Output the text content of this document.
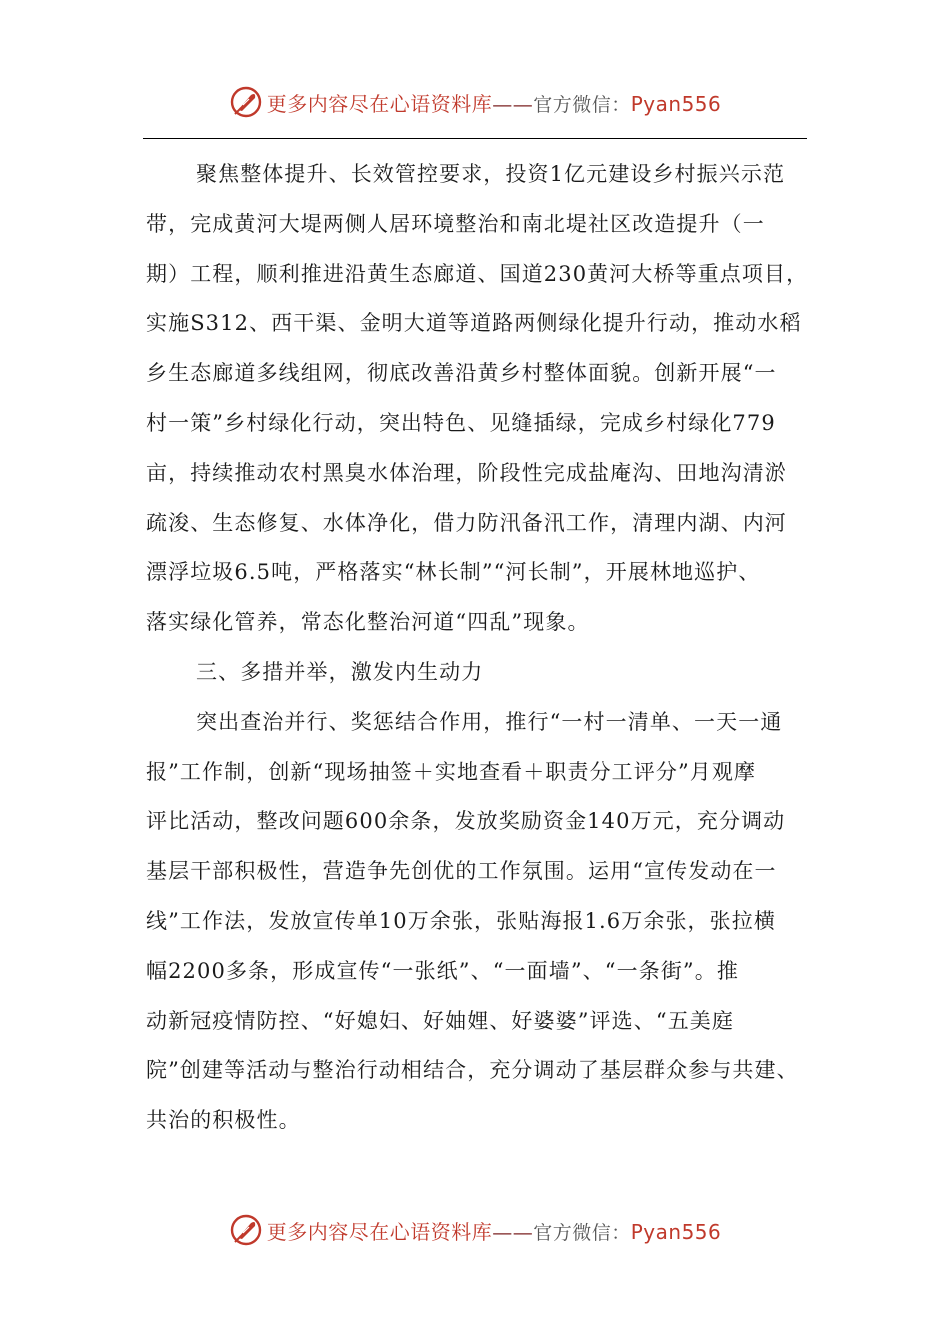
更多内容尽在心语资料库——官方微信：Pyan556
聚焦整体提升、长效管控要求，投资1亿元建设乡村振兴示范
带，完成黄河大堤两侧人居环境整治和南北堤社区改造提升（一
期）工程，顺利推进沿黄生态廊道、国道230黄河大桥等重点项目，
实施S312、西干渠、金明大道等道路两侧绿化提升行动，推动水稻
乡生态廊道多线组网，彻底改善沿黄乡村整体面貌。创新开展“一
村一策”乡村绿化行动，突出特色、见缝插绿，完成乡村绿化779
亩，持续推动农村黑臭水体治理，阶段性完成盐庵沟、田地沟清淤
疏浚、生态修复、水体净化，借力防汛备汛工作，清理内湖、内河
漂浮垃圾6.5吨，严格落实“林长制”“河长制”，开展林地巡护、
落实绿化管养，常态化整治河道“四乱”现象。
三、多措并举，激发内生动力
突出查治并行、奖惩结合作用，推行“一村一清单、一天一通
报”工作制，创新“现场抽签＋实地查看＋职责分工评分”月观摩
评比活动，整改问题600余条，发放奖励资金140万元，充分调动
基层干部积极性，营造争先创优的工作氛围。运用“宣传发动在一
线”工作法，发放宣传单10万余张，张贴海报1.6万余张，张拉横
幅2200多条，形成宣传“一张纸”、“一面墙”、“一条街”。推
动新冠疫情防控、“好媳妇、好妯娌、好婆婆”评选、“五美庭
院”创建等活动与整治行动相结合，充分调动了基层群众参与共建、
共治的积极性。
更多内容尽在心语资料库——官方微信：Pyan556
